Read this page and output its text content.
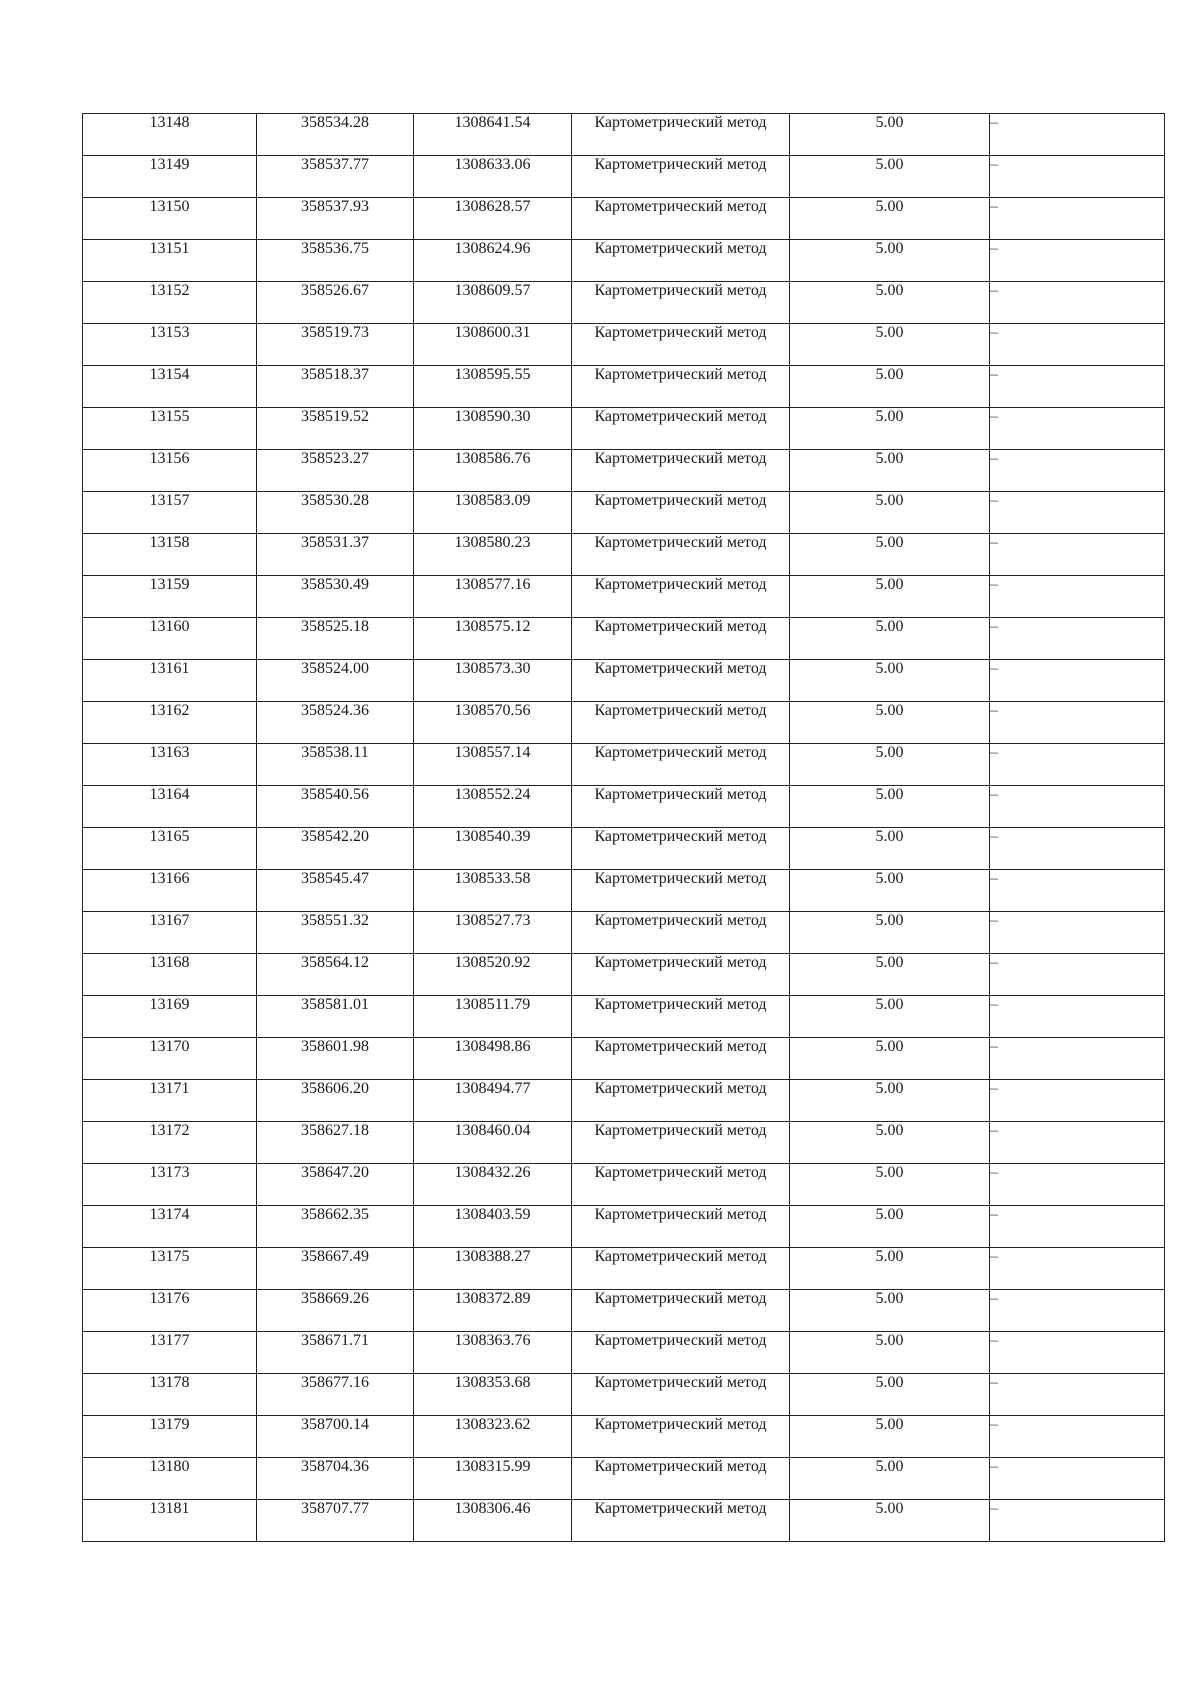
13148	358534.28	1308641.54	Картометрический метод	5.00	–
13149	358537.77	1308633.06	Картометрический метод	5.00	–
13150	358537.93	1308628.57	Картометрический метод	5.00	–
13151	358536.75	1308624.96	Картометрический метод	5.00	–
13152	358526.67	1308609.57	Картометрический метод	5.00	–
13153	358519.73	1308600.31	Картометрический метод	5.00	–
13154	358518.37	1308595.55	Картометрический метод	5.00	–
13155	358519.52	1308590.30	Картометрический метод	5.00	–
13156	358523.27	1308586.76	Картометрический метод	5.00	–
13157	358530.28	1308583.09	Картометрический метод	5.00	–
13158	358531.37	1308580.23	Картометрический метод	5.00	–
13159	358530.49	1308577.16	Картометрический метод	5.00	–
13160	358525.18	1308575.12	Картометрический метод	5.00	–
13161	358524.00	1308573.30	Картометрический метод	5.00	–
13162	358524.36	1308570.56	Картометрический метод	5.00	–
13163	358538.11	1308557.14	Картометрический метод	5.00	–
13164	358540.56	1308552.24	Картометрический метод	5.00	–
13165	358542.20	1308540.39	Картометрический метод	5.00	–
13166	358545.47	1308533.58	Картометрический метод	5.00	–
13167	358551.32	1308527.73	Картометрический метод	5.00	–
13168	358564.12	1308520.92	Картометрический метод	5.00	–
13169	358581.01	1308511.79	Картометрический метод	5.00	–
13170	358601.98	1308498.86	Картометрический метод	5.00	–
13171	358606.20	1308494.77	Картометрический метод	5.00	–
13172	358627.18	1308460.04	Картометрический метод	5.00	–
13173	358647.20	1308432.26	Картометрический метод	5.00	–
13174	358662.35	1308403.59	Картометрический метод	5.00	–
13175	358667.49	1308388.27	Картометрический метод	5.00	–
13176	358669.26	1308372.89	Картометрический метод	5.00	–
13177	358671.71	1308363.76	Картометрический метод	5.00	–
13178	358677.16	1308353.68	Картометрический метод	5.00	–
13179	358700.14	1308323.62	Картометрический метод	5.00	–
13180	358704.36	1308315.99	Картометрический метод	5.00	–
13181	358707.77	1308306.46	Картометрический метод	5.00	–
